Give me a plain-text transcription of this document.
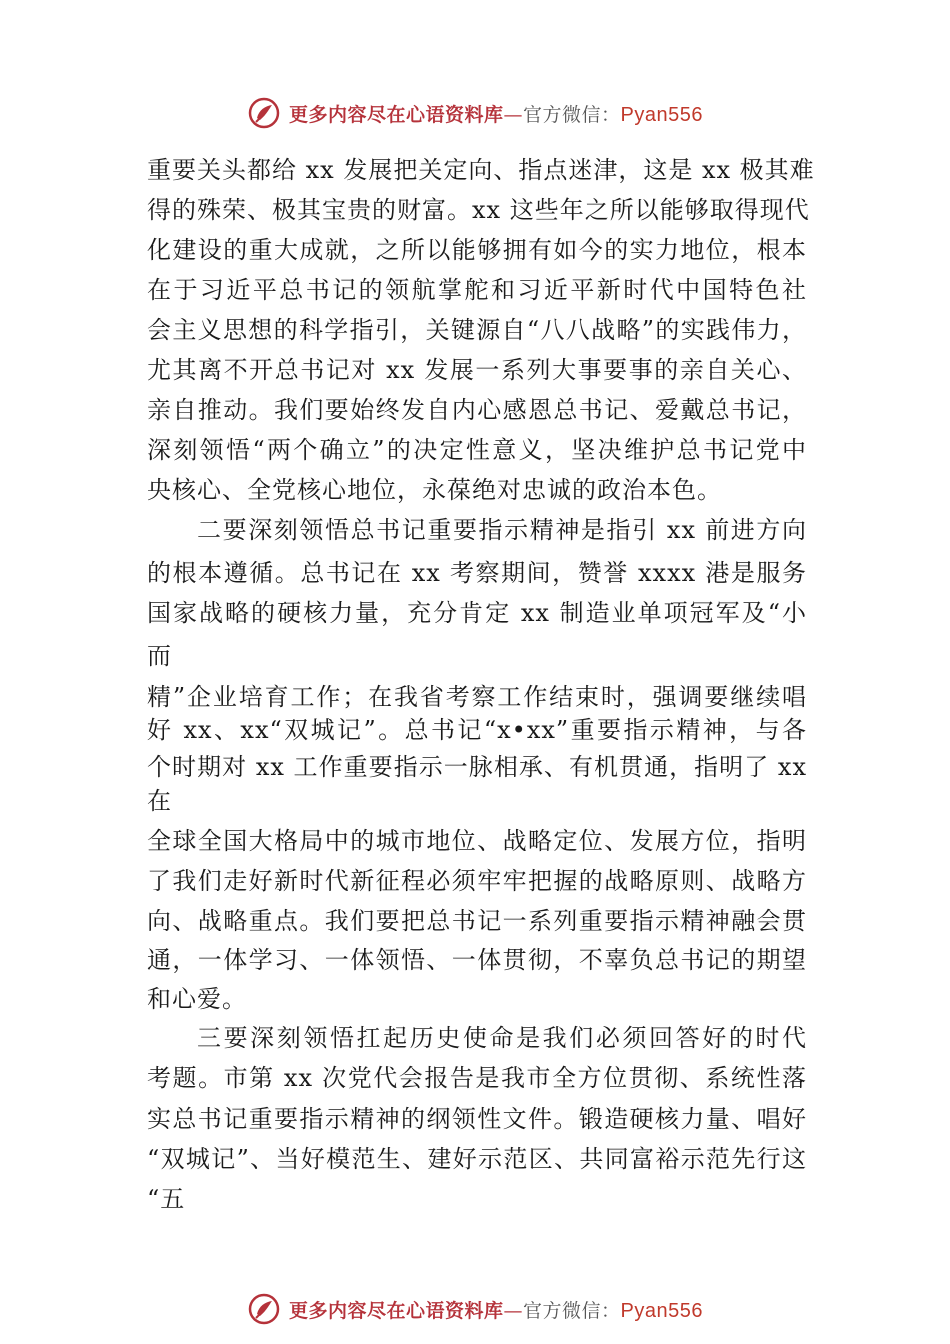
更多内容尽在心语资料库—官方微信：Pyan556
重要关头都给 xx 发展把关定向、指点迷津，这是 xx 极其难
得的殊荣、极其宝贵的财富。xx 这些年之所以能够取得现代
化建设的重大成就，之所以能够拥有如今的实力地位，根本
在于习近平总书记的领航掌舵和习近平新时代中国特色社
会主义思想的科学指引，关键源自“八八战略”的实践伟力，
尤其离不开总书记对 xx 发展一系列大事要事的亲自关心、
亲自推动。我们要始终发自内心感恩总书记、爱戴总书记，
深刻领悟“两个确立”的决定性意义，坚决维护总书记党中
央核心、全党核心地位，永葆绝对忠诚的政治本色。
二要深刻领悟总书记重要指示精神是指引 xx 前进方向
的根本遵循。总书记在 xx 考察期间，赞誉 xxxx 港是服务
国家战略的硬核力量，充分肯定 xx 制造业单项冠军及“小
而
精”企业培育工作；在我省考察工作结束时，强调要继续唱
好 xx、xx“双城记”。总书记“x•xx”重要指示精神，与各
个时期对 xx 工作重要指示一脉相承、有机贯通，指明了 xx
在
全球全国大格局中的城市地位、战略定位、发展方位，指明
了我们走好新时代新征程必须牢牢把握的战略原则、战略方
向、战略重点。我们要把总书记一系列重要指示精神融会贯
通，一体学习、一体领悟、一体贯彻，不辜负总书记的期望
和心爱。
三要深刻领悟扛起历史使命是我们必须回答好的时代
考题。市第 xx 次党代会报告是我市全方位贯彻、系统性落
实总书记重要指示精神的纲领性文件。锻造硬核力量、唱好
“双城记”、当好模范生、建好示范区、共同富裕示范先行这
“五
更多内容尽在心语资料库—官方微信：Pyan556
